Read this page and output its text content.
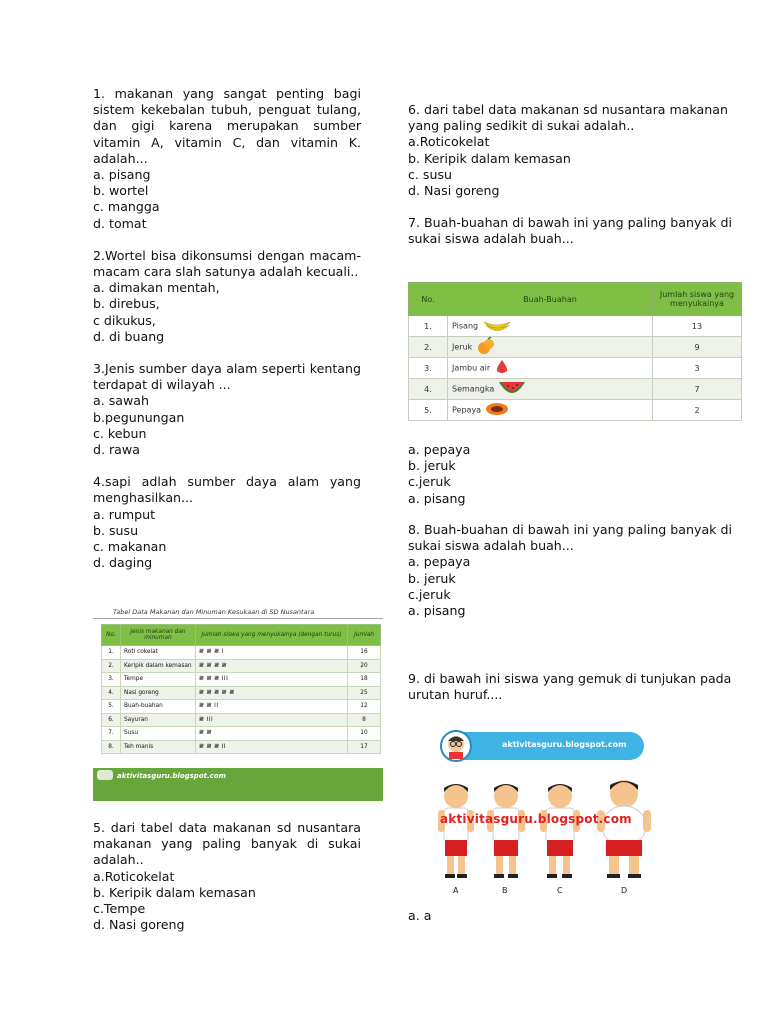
1. makanan yang sangat penting bagi sistem kekebalan tubuh, penguat tulang, dan gigi karena merupakan sumber vitamin A, vitamin C, dan vitamin K. adalah...
a. pisang
b. wortel
c. mangga
d. tomat
2.Wortel bisa dikonsumsi dengan macam-macam cara slah satunya adalah kecuali..
a. dimakan mentah,
b. direbus,
c dikukus,
d. di buang
3.Jenis sumber daya alam seperti kentang terdapat di wilayah ...
a. sawah
b.pegunungan
c. kebun
d. rawa
4.sapi adlah sumber daya alam yang menghasilkan...
a. rumput
b. susu
c. makanan
d. daging
Tabel Data Makanan dan Minuman Kesukaan di SD Nusantara
No.	Jenis makanan dan minuman	Jumlah siswa yang menyukainya (dengan turus)	Jumlah
1.	Roti cokelat	𝍸 𝍸 𝍸 I	16
2.	Keripik dalam kemasan	𝍸 𝍸 𝍸 𝍸	20
3.	Tempe	𝍸 𝍸 𝍸 III	18
4.	Nasi goreng	𝍸 𝍸 𝍸 𝍸 𝍸	25
5.	Buah-buahan	𝍸 𝍸 II	12
6.	Sayuran	𝍸 III	8
7.	Susu	𝍸 𝍸	10
8.	Teh manis	𝍸 𝍸 𝍸 II	17
aktivitasguru.blogspot.com
5. dari tabel data makanan sd nusantara makanan yang paling banyak di sukai adalah..
a.Roticokelat
b. Keripik dalam kemasan
c.Tempe
d. Nasi goreng
6. dari tabel data makanan sd nusantara makanan yang paling sedikit di sukai adalah..
a.Roticokelat
b. Keripik dalam kemasan
c. susu
d. Nasi goreng
7. Buah-buahan di bawah ini yang paling banyak di sukai siswa adalah buah...
No.	Buah-Buahan	Jumlah siswa yang menyukainya
1.	Pisang	13
2.	Jeruk	9
3.	Jambu air	3
4.	Semangka	7
5.	Pepaya	2
a. pepaya
b. jeruk
c.jeruk
a. pisang
8. Buah-buahan di bawah ini yang paling banyak di sukai siswa adalah buah...
a. pepaya
b. jeruk
c.jeruk
a. pisang
9. di bawah ini siswa yang gemuk di tunjukan pada urutan huruf....
aktivitasguru.blogspot.com
aktivitasguru.blogspot.com
A	B	C	D
a. a
